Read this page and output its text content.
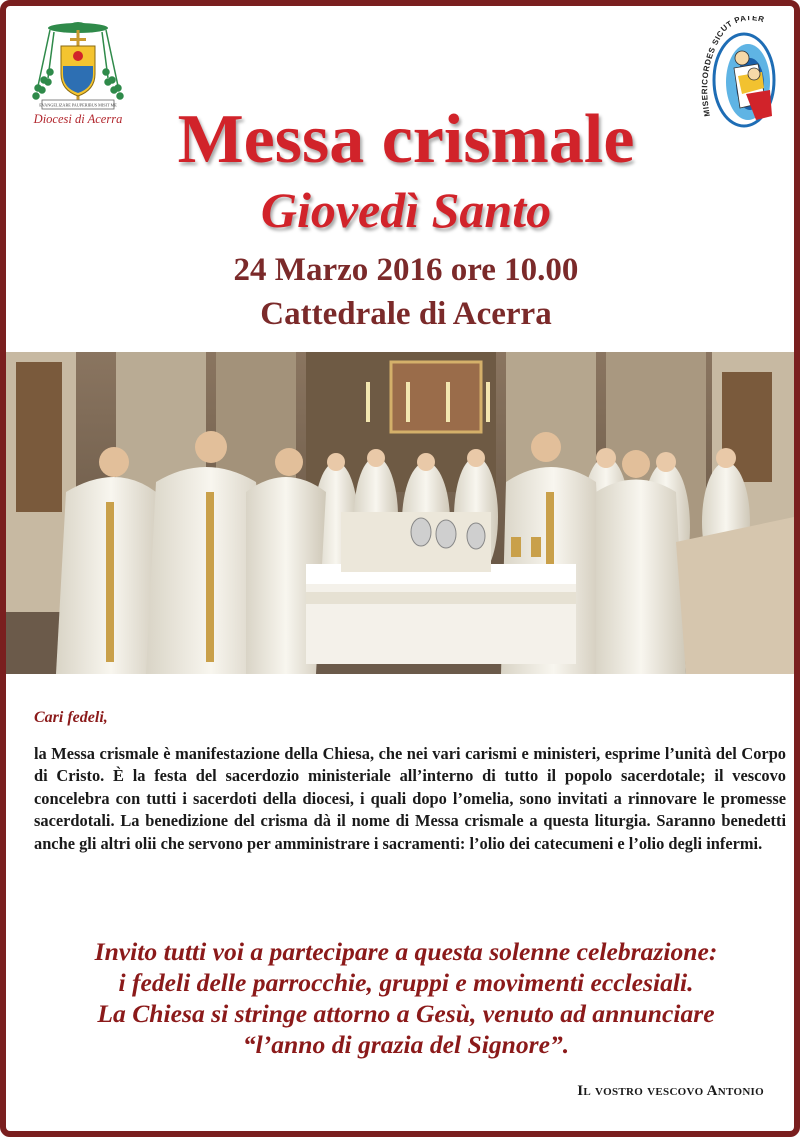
EVANGELIZARE PAUPERIBUS MISIT ME
Diocesi di Acerra	MISERICORDES SICUT PATER
Messa crismale
Giovedì Santo
24 Marzo 2016 ore 10.00
Cattedrale di Acerra
Cari fedeli,

la Messa crismale è manifestazione della Chiesa, che nei vari carismi e ministeri, esprime l’unità del Corpo di Cristo. È la festa del sacerdozio ministeriale all’interno di tutto il popolo sacerdotale; il vescovo concelebra con tutti i sacerdoti della diocesi, i quali dopo l’omelia, sono invitati a rinnovare le promesse sacerdotali. La benedizione del crisma dà il nome di Messa crismale a questa liturgia. Saranno benedetti anche gli altri olii che servono per amministrare i sacramenti: l’olio dei catecumeni e l’olio degli infermi.

Invito tutti voi a partecipare a questa solenne celebrazione:
i fedeli delle parrocchie, gruppi e movimenti ecclesiali.
La Chiesa si stringe attorno a Gesù, venuto ad annunciare
“l’anno di grazia del Signore”.
Il vostro vescovo Antonio
